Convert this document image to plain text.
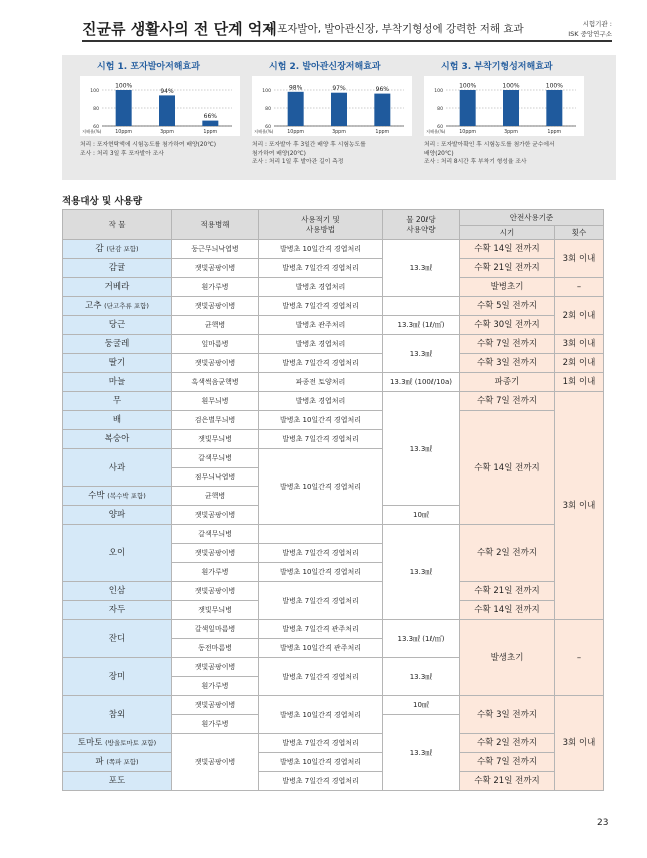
진균류 생활사의 전 단계 억제
⇒ 포자발아, 발아관신장, 부착기형성에 강력한 저해 효과	시험기관 :
ISK 중앙연구소
시험 1. 포자발아저해효과
60
80
100
저해율(%)
100%
10ppm
94%
3ppm
66%
1ppm
처리 : 포자현탁액에 시험농도를 첨가하여 배양(20℃)
조사 : 처리 3일 후 포자발아 조사
시험 2. 발아관신장저해효과
60
80
100
저해율(%)
98%
10ppm
97%
3ppm
96%
1ppm
처리 : 포자발아 후 3일간 배양 후 시험농도를
첨가하여 배양(20℃)
조사 : 처리 1일 후 발아관 길이 측정
시험 3. 부착기형성저해효과
60
80
100
저해율(%)
100%
10ppm
100%
3ppm
100%
1ppm
처리 : 포자발아확인 후 시험농도를 첨가한 균수에서
배양(20℃)
조사 : 처리 8시간 후 부착기 형성율 조사
적용대상 및 사용량
작 물	적용병해	사용적기 및
사용방법	물 20ℓ당
사용약량	안전사용기준	
				시기	횟수
감 (단감 포함)	둥근무늬낙엽병	발병초 10일간격 경엽처리	13.3㎖	수확 14일 전까지	3회 이내
감귤	잿빛곰팡이병	발병초 7일간격 경엽처리		수확 21일 전까지	
거베라	흰가루병	발병초 경엽처리		발병초기	–
고추 (단고추류 포함)	잿빛곰팡이병	발병초 7일간격 경엽처리		수확 5일 전까지	2회 이내
당근	균핵병	발병초 관주처리	13.3㎖ (1ℓ/㎡)	수확 30일 전까지	
둥굴레	잎마름병	발병초 경엽처리	13.3㎖	수확 7일 전까지	3회 이내
딸기	잿빛곰팡이병	발병초 7일간격 경엽처리		수확 3일 전까지	2회 이내
마늘	흑색썩음균핵병	파종전 토양처리	13.3㎖ (100ℓ/10a)	파종기	1회 이내
무	흰무늬병	발병초 경엽처리	13.3㎖	수확 7일 전까지	3회 이내
배	검은별무늬병	발병초 10일간격 경엽처리		수확 14일 전까지	
복숭아	잿빛무늬병	발병초 7일간격 경엽처리			
사과	갈색무늬병	발병초 10일간격 경엽처리			
	점무늬낙엽병				
수박 (복수박 포함)	균핵병				
양파	잿빛곰팡이병		10㎖		
오이	갈색무늬병		13.3㎖	수확 2일 전까지	
	잿빛곰팡이병	발병초 7일간격 경엽처리			
	흰가루병	발병초 10일간격 경엽처리			
인삼	잿빛곰팡이병	발병초 7일간격 경엽처리		수확 21일 전까지	
자두	잿빛무늬병			수확 14일 전까지	
잔디	갈색잎마름병	발병초 7일간격 관주처리	13.3㎖ (1ℓ/㎡)	발생초기	–
	동전마름병	발병초 10일간격 관주처리			
장미	잿빛곰팡이병	발병초 7일간격 경엽처리	13.3㎖		
	흰가루병				
참외	잿빛곰팡이병	발병초 10일간격 경엽처리	10㎖	수확 3일 전까지	3회 이내
	흰가루병		13.3㎖		
토마토 (방울토마토 포함)	잿빛곰팡이병	발병초 7일간격 경엽처리		수확 2일 전까지	
파 (쪽파 포함)		발병초 10일간격 경엽처리		수확 7일 전까지	
포도		발병초 7일간격 경엽처리		수확 21일 전까지	
23
